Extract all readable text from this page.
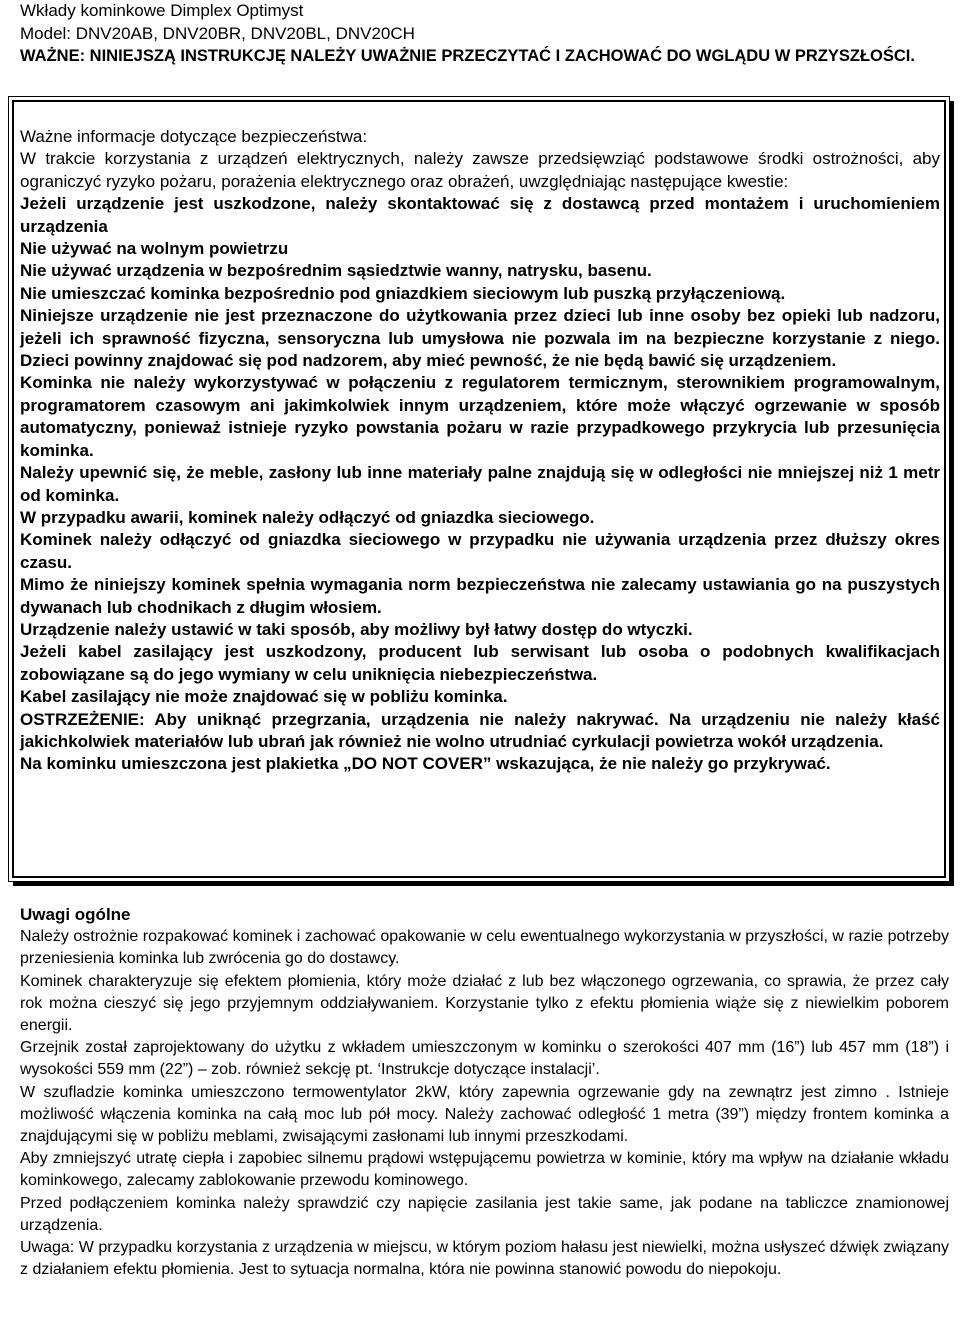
Wkłady kominkowe Dimplex Optimyst
Model: DNV20AB, DNV20BR, DNV20BL, DNV20CH
WAŻNE: NINIEJSZĄ INSTRUKCJĘ NALEŻY UWAŻNIE PRZECZYTAĆ I ZACHOWAĆ DO WGLĄDU W PRZYSZŁOŚCI.

Ważne informacje dotyczące bezpieczeństwa:

W trakcie korzystania z urządzeń elektrycznych, należy zawsze przedsięwziąć podstawowe środki ostrożności, aby ograniczyć ryzyko pożaru, porażenia elektrycznego oraz obrażeń, uwzględniając następujące kwestie:

Jeżeli urządzenie jest uszkodzone, należy skontaktować się z dostawcą przed montażem i uruchomieniem urządzenia

Nie używać na wolnym powietrzu

Nie używać urządzenia w bezpośrednim sąsiedztwie wanny, natrysku, basenu.

Nie umieszczać kominka bezpośrednio pod gniazdkiem sieciowym lub puszką przyłączeniową.

Niniejsze urządzenie nie jest przeznaczone do użytkowania przez dzieci lub inne osoby bez opieki lub nadzoru, jeżeli ich sprawność fizyczna, sensoryczna lub umysłowa nie pozwala im na bezpieczne korzystanie z niego. Dzieci powinny znajdować się pod nadzorem, aby mieć pewność, że nie będą bawić się urządzeniem.

Kominka nie należy wykorzystywać w połączeniu z regulatorem termicznym, sterownikiem programowalnym, programatorem czasowym ani jakimkolwiek innym urządzeniem, które może włączyć ogrzewanie w sposób automatyczny, ponieważ istnieje ryzyko powstania pożaru w razie przypadkowego przykrycia lub przesunięcia kominka.

Należy upewnić się, że meble, zasłony lub inne materiały palne znajdują się w odległości nie mniejszej niż 1 metr od kominka.

W przypadku awarii, kominek należy odłączyć od gniazdka sieciowego.

Kominek należy odłączyć od gniazdka sieciowego w przypadku nie używania urządzenia przez dłuższy okres czasu.

Mimo że niniejszy kominek spełnia wymagania norm bezpieczeństwa nie zalecamy ustawiania go na puszystych dywanach lub chodnikach z długim włosiem.

Urządzenie należy ustawić w taki sposób, aby możliwy był łatwy dostęp do wtyczki.

Jeżeli kabel zasilający jest uszkodzony, producent lub serwisant lub osoba o podobnych kwalifikacjach zobowiązane są do jego wymiany w celu uniknięcia niebezpieczeństwa.

Kabel zasilający nie może znajdować się w pobliżu kominka.

OSTRZEŻENIE: Aby uniknąć przegrzania, urządzenia nie należy nakrywać. Na urządzeniu nie należy kłaść jakichkolwiek materiałów lub ubrań jak również nie wolno utrudniać cyrkulacji powietrza wokół urządzenia.

Na kominku umieszczona jest plakietka „DO NOT COVER” wskazująca, że nie należy go przykrywać.

Uwagi ogólne

Należy ostrożnie rozpakować kominek i zachować opakowanie w celu ewentualnego wykorzystania w przyszłości, w razie potrzeby przeniesienia kominka lub zwrócenia go do dostawcy.

Kominek charakteryzuje się efektem płomienia, który może działać z lub bez włączonego ogrzewania, co sprawia, że przez cały rok można cieszyć się jego przyjemnym oddziaływaniem. Korzystanie tylko z efektu płomienia wiąże się z niewielkim poborem energii.

Grzejnik został zaprojektowany do użytku z wkładem umieszczonym w kominku o szerokości 407 mm (16”) lub 457 mm (18”) i wysokości 559 mm (22”) – zob. również sekcję pt. ‘Instrukcje dotyczące instalacji’.

W szufladzie kominka umieszczono termowentylator 2kW, który zapewnia ogrzewanie gdy na zewnątrz jest zimno . Istnieje możliwość włączenia kominka na całą moc lub pół mocy. Należy zachować odległość 1 metra (39”) między frontem kominka a znajdującymi się w pobliżu meblami, zwisającymi zasłonami lub innymi przeszkodami.

Aby zmniejszyć utratę ciepła i zapobiec silnemu prądowi wstępującemu powietrza w kominie, który ma wpływ na działanie wkładu kominkowego, zalecamy zablokowanie przewodu kominowego.

Przed podłączeniem kominka należy sprawdzić czy napięcie zasilania jest takie same, jak podane na tabliczce znamionowej urządzenia.

Uwaga: W przypadku korzystania z urządzenia w miejscu, w którym poziom hałasu jest niewielki, można usłyszeć dźwięk związany z działaniem efektu płomienia. Jest to sytuacja normalna, która nie powinna stanowić powodu do niepokoju.
